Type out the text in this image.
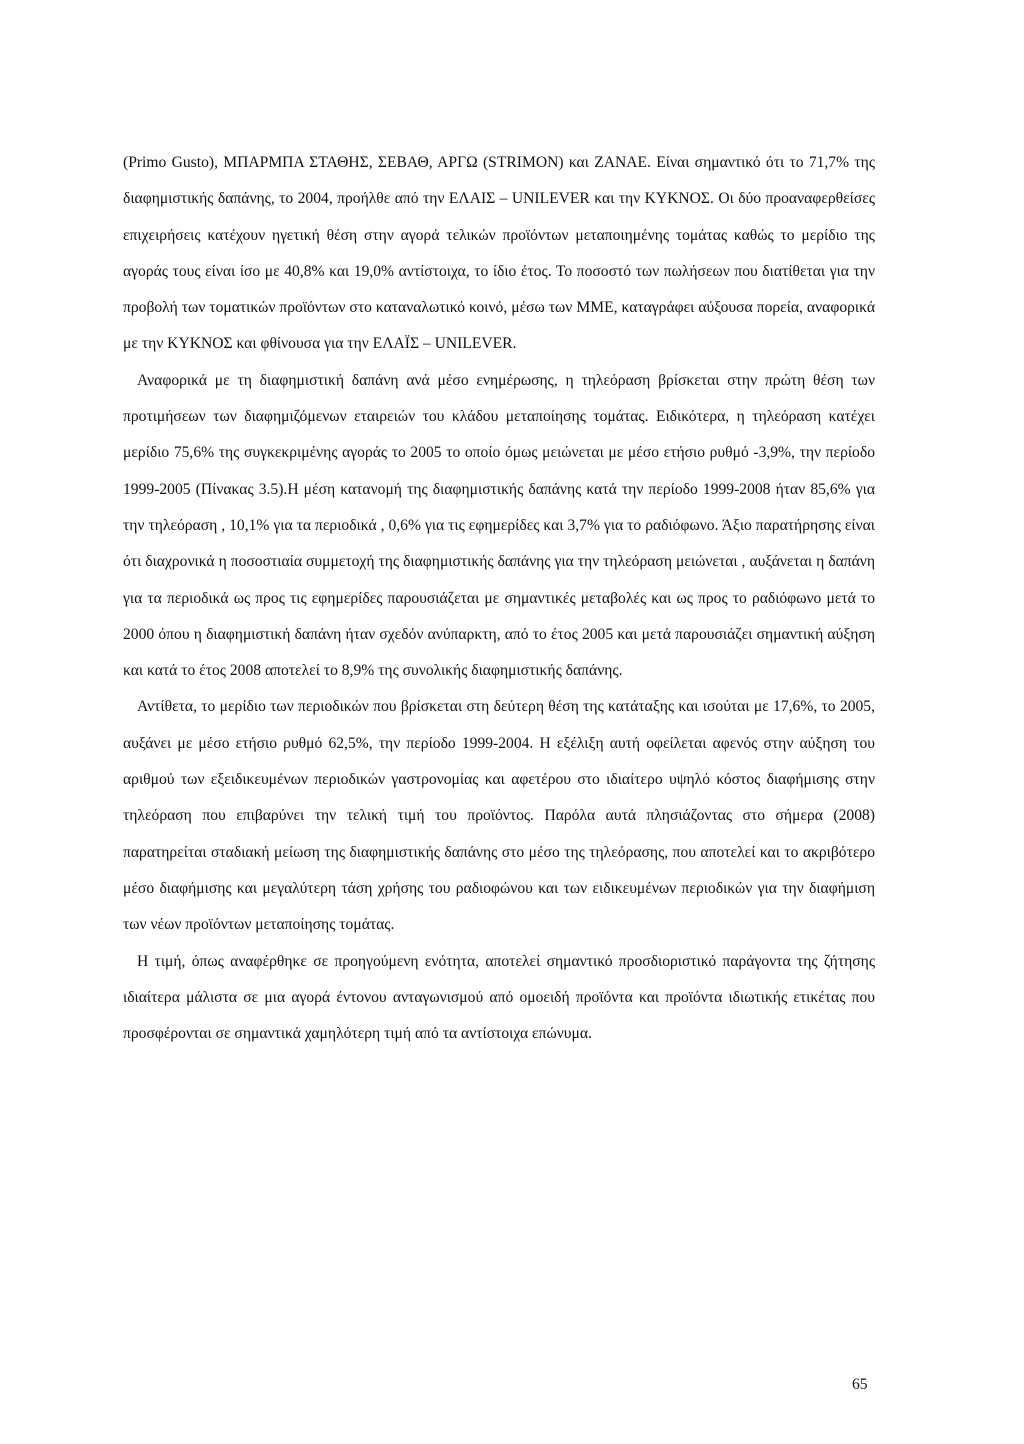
(Primo Gusto), ΜΠΑΡΜΠΑ ΣΤΑΘΗΣ, ΣΕΒΑΘ, ΑΡΓΩ (STRIMON) και ΖΑΝΑΕ. Είναι σημαντικό ότι το 71,7% της διαφημιστικής δαπάνης, το 2004, προήλθε από την ΕΛΑΙΣ – UNILEVER και την ΚΥΚΝΟΣ. Οι δύο προαναφερθείσες επιχειρήσεις κατέχουν ηγετική θέση στην αγορά τελικών προϊόντων μεταποιημένης τομάτας καθώς το μερίδιο της αγοράς τους είναι ίσο με 40,8% και 19,0% αντίστοιχα, το ίδιο έτος. Το ποσοστό των πωλήσεων που διατίθεται για την προβολή των τοματικών προϊόντων στο καταναλωτικό κοινό, μέσω των ΜΜΕ, καταγράφει αύξουσα πορεία, αναφορικά με την ΚΥΚΝΟΣ και φθίνουσα για την ΕΛΑΪΣ – UNILEVER.

Αναφορικά με τη διαφημιστική δαπάνη ανά μέσο ενημέρωσης, η τηλεόραση βρίσκεται στην πρώτη θέση των προτιμήσεων των διαφημιζόμενων εταιρειών του κλάδου μεταποίησης τομάτας. Ειδικότερα, η τηλεόραση κατέχει μερίδιο 75,6% της συγκεκριμένης αγοράς το 2005 το οποίο όμως μειώνεται με μέσο ετήσιο ρυθμό -3,9%, την περίοδο 1999-2005 (Πίνακας 3.5).Η μέση κατανομή της διαφημιστικής δαπάνης κατά την περίοδο 1999-2008 ήταν 85,6% για την τηλεόραση , 10,1% για τα περιοδικά , 0,6% για τις εφημερίδες και 3,7% για το ραδιόφωνο. Άξιο παρατήρησης είναι ότι διαχρονικά η ποσοστιαία συμμετοχή της διαφημιστικής δαπάνης για την τηλεόραση μειώνεται , αυξάνεται η δαπάνη για τα περιοδικά ως προς τις εφημερίδες παρουσιάζεται με σημαντικές μεταβολές και ως προς το ραδιόφωνο μετά το 2000 όπου η διαφημιστική δαπάνη ήταν σχεδόν ανύπαρκτη, από το έτος 2005 και μετά παρουσιάζει σημαντική αύξηση και κατά το έτος 2008 αποτελεί το 8,9% της συνολικής διαφημιστικής δαπάνης.

Αντίθετα, το μερίδιο των περιοδικών που βρίσκεται στη δεύτερη θέση της κατάταξης και ισούται με 17,6%, το 2005, αυξάνει με μέσο ετήσιο ρυθμό 62,5%, την περίοδο 1999-2004. Η εξέλιξη αυτή οφείλεται αφενός στην αύξηση του αριθμού των εξειδικευμένων περιοδικών γαστρονομίας και αφετέρου στο ιδιαίτερο υψηλό κόστος διαφήμισης στην τηλεόραση που επιβαρύνει την τελική τιμή του προϊόντος. Παρόλα αυτά πλησιάζοντας στο σήμερα (2008) παρατηρείται σταδιακή μείωση της διαφημιστικής δαπάνης στο μέσο της τηλεόρασης, που αποτελεί και το ακριβότερο μέσο διαφήμισης και μεγαλύτερη τάση χρήσης του ραδιοφώνου και των ειδικευμένων περιοδικών για την διαφήμιση των νέων προϊόντων μεταποίησης τομάτας.

Η τιμή, όπως αναφέρθηκε σε προηγούμενη ενότητα, αποτελεί σημαντικό προσδιοριστικό παράγοντα της ζήτησης ιδιαίτερα μάλιστα σε μια αγορά έντονου ανταγωνισμού από ομοειδή προϊόντα και προϊόντα ιδιωτικής ετικέτας που προσφέρονται σε σημαντικά χαμηλότερη τιμή από τα αντίστοιχα επώνυμα.

65
